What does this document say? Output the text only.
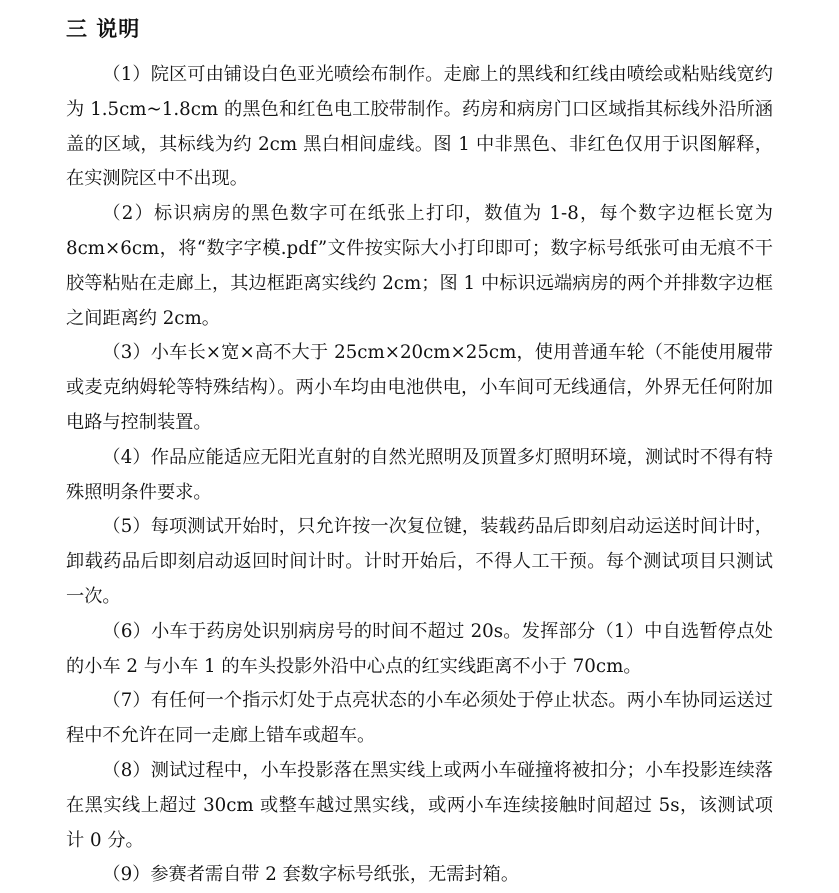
三 说明

（1）院区可由铺设白色亚光喷绘布制作。走廊上的黑线和红线由喷绘或粘贴线宽约为 1.5cm~1.8cm 的黑色和红色电工胶带制作。药房和病房门口区域指其标线外沿所涵盖的区域，其标线为约 2cm 黑白相间虚线。图 1 中非黑色、非红色仅用于识图解释，在实测院区中不出现。

（2）标识病房的黑色数字可在纸张上打印，数值为 1-8，每个数字边框长宽为 8cm×6cm，将“数字字模.pdf”文件按实际大小打印即可；数字标号纸张可由无痕不干胶等粘贴在走廊上，其边框距离实线约 2cm；图 1 中标识远端病房的两个并排数字边框之间距离约 2cm。

（3）小车长×宽×高不大于 25cm×20cm×25cm，使用普通车轮（不能使用履带或麦克纳姆轮等特殊结构）。两小车均由电池供电，小车间可无线通信，外界无任何附加电路与控制装置。

（4）作品应能适应无阳光直射的自然光照明及顶置多灯照明环境，测试时不得有特殊照明条件要求。

（5）每项测试开始时，只允许按一次复位键，装载药品后即刻启动运送时间计时，卸载药品后即刻启动返回时间计时。计时开始后，不得人工干预。每个测试项目只测试一次。

（6）小车于药房处识别病房号的时间不超过 20s。发挥部分（1）中自选暂停点处的小车 2 与小车 1 的车头投影外沿中心点的红实线距离不小于 70cm。

（7）有任何一个指示灯处于点亮状态的小车必须处于停止状态。两小车协同运送过程中不允许在同一走廊上错车或超车。

（8）测试过程中，小车投影落在黑实线上或两小车碰撞将被扣分；小车投影连续落在黑实线上超过 30cm 或整车越过黑实线，或两小车连续接触时间超过 5s，该测试项计 0 分。

（9）参赛者需自带 2 套数字标号纸张，无需封箱。
